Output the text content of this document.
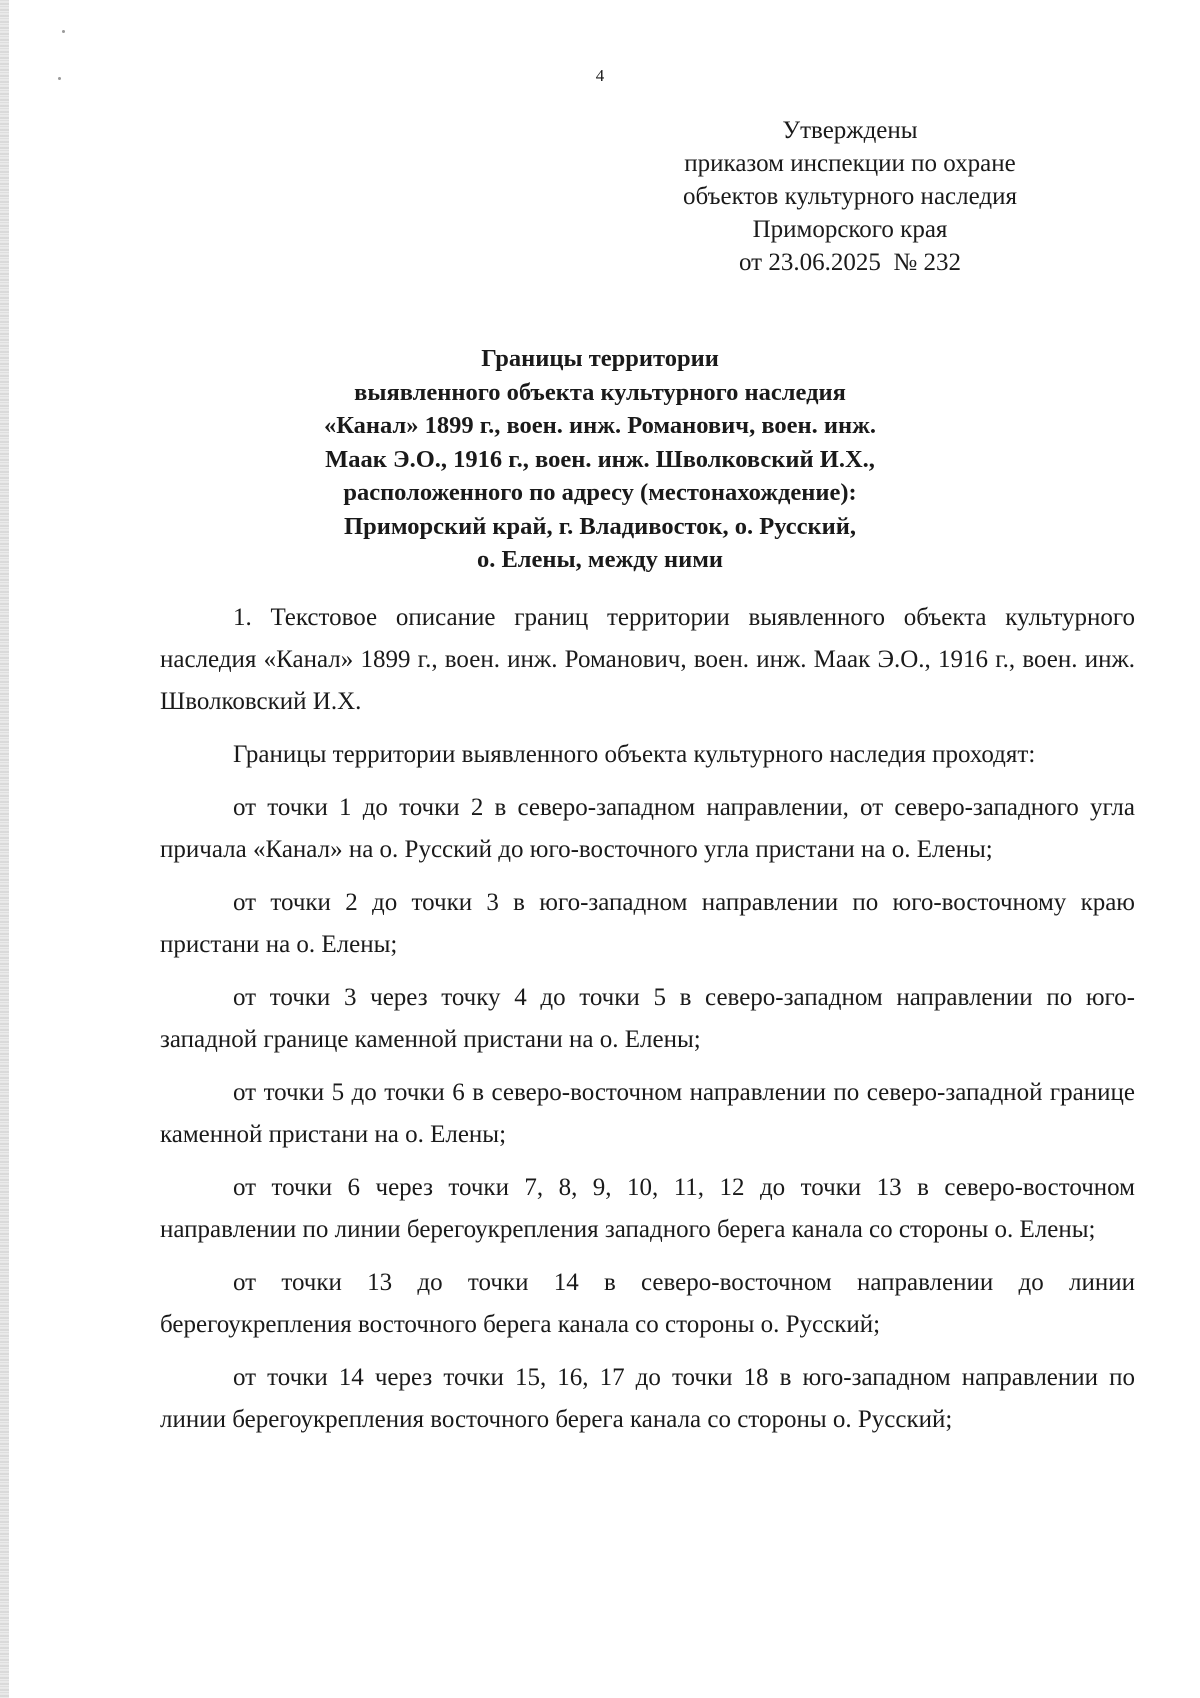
4
Утверждены
приказом инспекции по охране
объектов культурного наследия
Приморского края
от 23.06.2025  № 232
Границы территории
выявленного объекта культурного наследия
«Канал» 1899 г., воен. инж. Романович, воен. инж.
Маак Э.О., 1916 г., воен. инж. Шволковский И.Х.,
расположенного по адресу (местонахождение):
Приморский край, г. Владивосток, о. Русский,
о. Елены, между ними

1. Текстовое описание границ территории выявленного объекта культурного наследия «Канал» 1899 г., воен. инж. Романович, воен. инж. Маак Э.О., 1916 г., воен. инж. Шволковский И.Х.

Границы территории выявленного объекта культурного наследия проходят:

от точки 1 до точки 2 в северо-западном направлении, от северо-западного угла причала «Канал» на о. Русский до юго-восточного угла пристани на о. Елены;

от точки 2 до точки 3 в юго-западном направлении по юго-восточному краю пристани на о. Елены;

от точки 3 через точку 4 до точки 5 в северо-западном направлении по юго-западной границе каменной пристани на о. Елены;

от точки 5 до точки 6 в северо-восточном направлении по северо-западной границе каменной пристани на о. Елены;

от точки 6 через точки 7, 8, 9, 10, 11, 12 до точки 13 в северо-восточном направлении по линии берегоукрепления западного берега канала со стороны о. Елены;

от точки 13 до точки 14 в северо-восточном направлении до линии берегоукрепления восточного берега канала со стороны о. Русский;

от точки 14 через точки 15, 16, 17 до точки 18 в юго-западном направлении по линии берегоукрепления восточного берега канала со стороны о. Русский;
